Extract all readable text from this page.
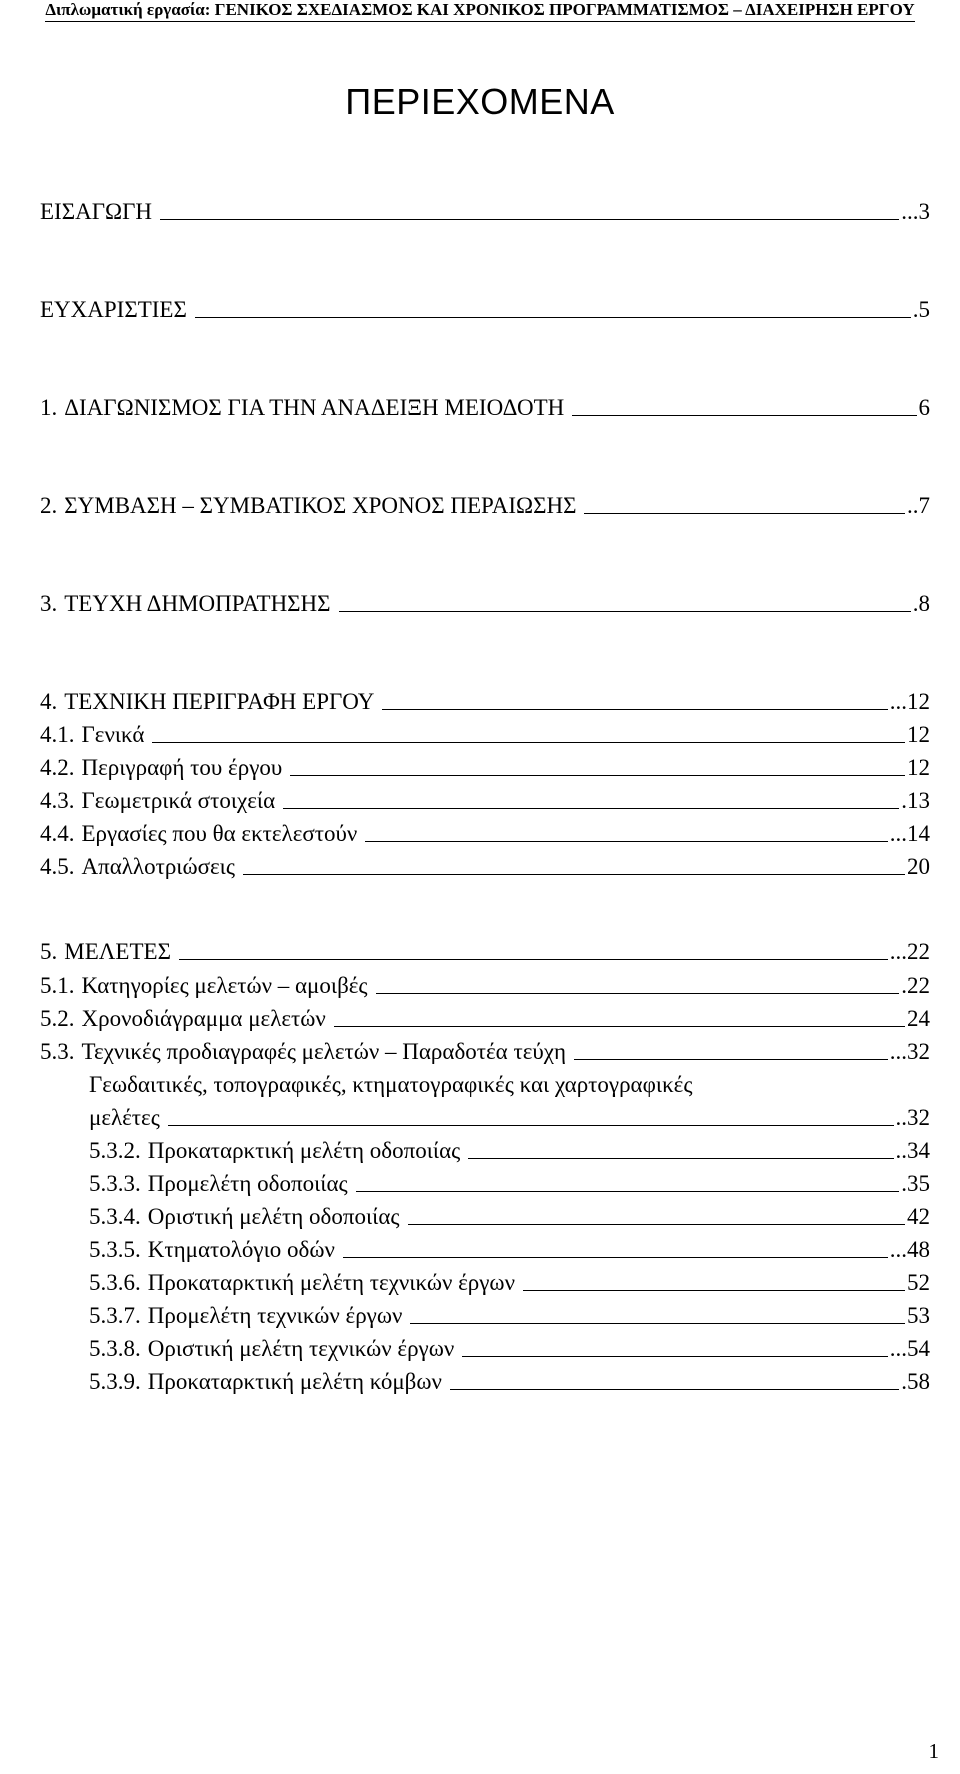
Διπλωματική εργασία: ΓΕΝΙΚΟΣ ΣΧΕΔΙΑΣΜΟΣ ΚΑΙ ΧΡΟΝΙΚΟΣ ΠΡΟΓΡΑΜΜΑΤΙΣΜΟΣ – ΔΙΑΧΕΙΡΗΣΗ ΕΡΓΟΥ
ΠΕΡΙΕΧΟΜΕΝΑ
ΕΙΣΑΓΩΓΗ	... 3
ΕΥΧΑΡΙΣΤΙΕΣ	. 5
1. ΔΙΑΓΩΝΙΣΜΟΣ ΓΙΑ ΤΗΝ ΑΝΑΔΕΙΞΗ ΜΕΙΟΔΟΤΗ	6
2. ΣΥΜΒΑΣΗ – ΣΥΜΒΑΤΙΚΟΣ ΧΡΟΝΟΣ ΠΕΡΑΙΩΣΗΣ	.. 7
3. ΤΕΥΧΗ ΔΗΜΟΠΡΑΤΗΣΗΣ	. 8
4. ΤΕΧΝΙΚΗ ΠΕΡΙΓΡΑΦΗ ΕΡΓΟΥ	... 12
4.1. Γενικά	12
4.2. Περιγραφή του έργου	12
4.3. Γεωμετρικά στοιχεία	. 13
4.4. Εργασίες που θα εκτελεστούν	... 14
4.5. Απαλλοτριώσεις	20
5. ΜΕΛΕΤΕΣ	... 22
5.1. Κατηγορίες μελετών – αμοιβές	. 22
5.2. Χρονοδιάγραμμα μελετών	24
5.3. Τεχνικές προδιαγραφές μελετών – Παραδοτέα τεύχη	... 32
Γεωδαιτικές, τοπογραφικές, κτηματογραφικές και χαρτογραφικές
μελέτες	.. 32
5.3.2. Προκαταρκτική μελέτη οδοποιίας	.. 34
5.3.3. Προμελέτη οδοποιίας	. 35
5.3.4. Οριστική μελέτη οδοποιίας	42
5.3.5. Κτηματολόγιο οδών	... 48
5.3.6. Προκαταρκτική μελέτη τεχνικών έργων	52
5.3.7. Προμελέτη τεχνικών έργων	53
5.3.8. Οριστική μελέτη τεχνικών έργων	... 54
5.3.9. Προκαταρκτική μελέτη κόμβων	. 58
1
